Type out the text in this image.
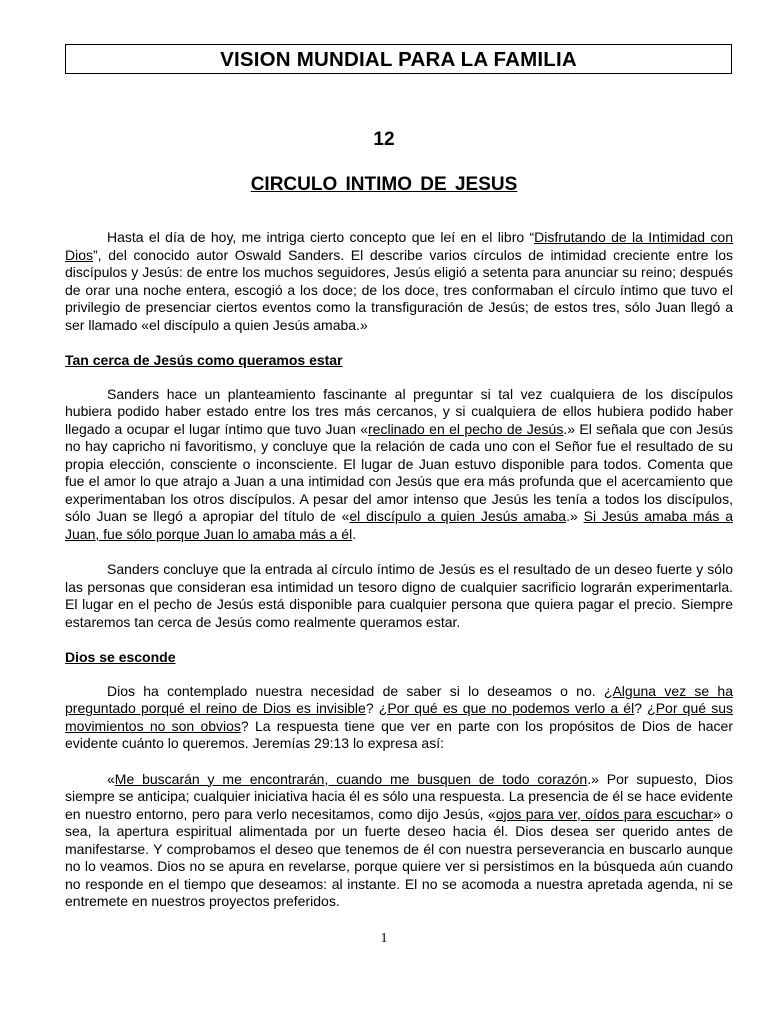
VISION MUNDIAL PARA LA FAMILIA
12
CIRCULO INTIMO DE JESUS

Hasta el día de hoy, me intriga cierto concepto que leí en el libro “Disfrutando de la Intimidad con Dios”, del conocido autor Oswald Sanders. El describe varios círculos de intimidad creciente entre los discípulos y Jesús: de entre los muchos seguidores, Jesús eligió a setenta para anunciar su reino; después de orar una noche entera, escogió a los doce; de los doce, tres conformaban el círculo íntimo que tuvo el privilegio de presenciar ciertos eventos como la transfiguración de Jesús; de estos tres, sólo Juan llegó a ser llamado «el discípulo a quien Jesús amaba.»

Tan cerca de Jesús como queramos estar

Sanders hace un planteamiento fascinante al preguntar si tal vez cualquiera de los discípulos hubiera podido haber estado entre los tres más cercanos, y si cualquiera de ellos hubiera podido haber llegado a ocupar el lugar íntimo que tuvo Juan «reclinado en el pecho de Jesús.» El señala que con Jesús no hay capricho ni favoritismo, y concluye que la relación de cada uno con el Señor fue el resultado de su propia elección, consciente o inconsciente. El lugar de Juan estuvo disponible para todos. Comenta que fue el amor lo que atrajo a Juan a una intimidad con Jesús que era más profunda que el acercamiento que experimentaban los otros discípulos. A pesar del amor intenso que Jesús les tenía a todos los discípulos, sólo Juan se llegó a apropiar del título de «el discípulo a quien Jesús amaba.» Si Jesús amaba más a Juan, fue sólo porque Juan lo amaba más a él.

Sanders concluye que la entrada al círculo íntimo de Jesús es el resultado de un deseo fuerte y sólo las personas que consideran esa intimidad un tesoro digno de cualquier sacrificio lograrán experimentarla. El lugar en el pecho de Jesús está disponible para cualquier persona que quiera pagar el precio. Siempre estaremos tan cerca de Jesús como realmente queramos estar.

Dios se esconde

Dios ha contemplado nuestra necesidad de saber si lo deseamos o no. ¿Alguna vez se ha preguntado porqué el reino de Dios es invisible? ¿Por qué es que no podemos verlo a él? ¿Por qué sus movimientos no son obvios? La respuesta tiene que ver en parte con los propósitos de Dios de hacer evidente cuánto lo queremos. Jeremías 29:13 lo expresa así:

«Me buscarán y me encontrarán, cuando me busquen de todo corazón.» Por supuesto, Dios siempre se anticipa; cualquier iniciativa hacia él es sólo una respuesta. La presencia de él se hace evidente en nuestro entorno, pero para verlo necesitamos, como dijo Jesús, «ojos para ver, oídos para escuchar» o sea, la apertura espiritual alimentada por un fuerte deseo hacia él. Dios desea ser querido antes de manifestarse. Y comprobamos el deseo que tenemos de él con nuestra perseverancia en buscarlo aunque no lo veamos. Dios no se apura en revelarse, porque quiere ver si persistimos en la búsqueda aún cuando no responde en el tiempo que deseamos: al instante. El no se acomoda a nuestra apretada agenda, ni se entremete en nuestros proyectos preferidos.

1
